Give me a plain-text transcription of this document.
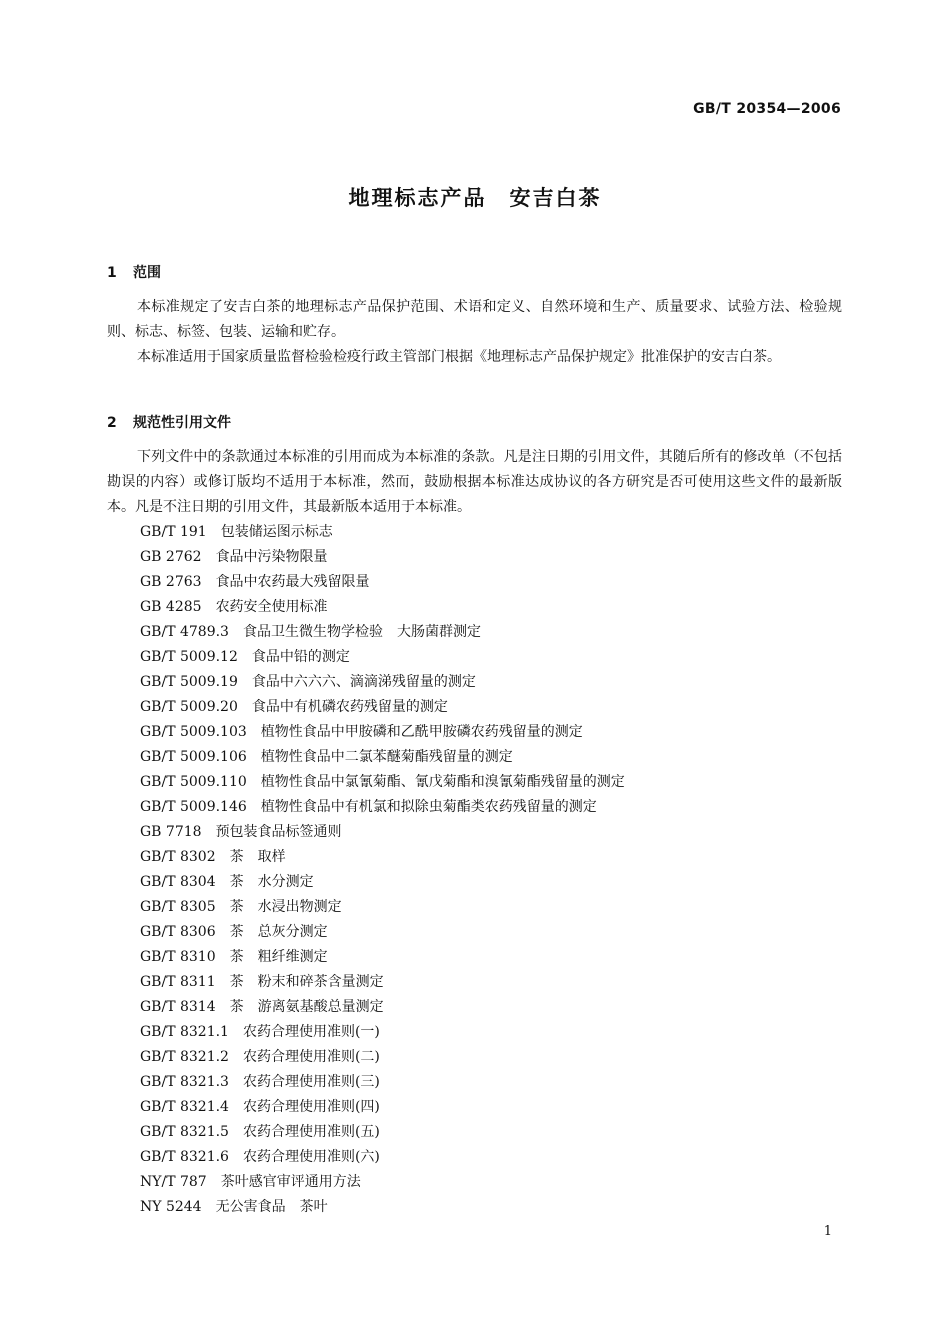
GB/T 20354—2006
地理标志产品　安吉白茶
1 范围

本标准规定了安吉白茶的地理标志产品保护范围、术语和定义、自然环境和生产、质量要求、试验方法、检验规则、标志、标签、包装、运输和贮存。

本标准适用于国家质量监督检验检疫行政主管部门根据《地理标志产品保护规定》批准保护的安吉白茶。

2 规范性引用文件

下列文件中的条款通过本标准的引用而成为本标准的条款。凡是注日期的引用文件，其随后所有的修改单（不包括勘误的内容）或修订版均不适用于本标准，然而，鼓励根据本标准达成协议的各方研究是否可使用这些文件的最新版本。凡是不注日期的引用文件，其最新版本适用于本标准。

GB/T 191 包装储运图示标志
GB 2762 食品中污染物限量
GB 2763 食品中农药最大残留限量
GB 4285 农药安全使用标准
GB/T 4789.3 食品卫生微生物学检验　大肠菌群测定
GB/T 5009.12 食品中铅的测定
GB/T 5009.19 食品中六六六、滴滴涕残留量的测定
GB/T 5009.20 食品中有机磷农药残留量的测定
GB/T 5009.103 植物性食品中甲胺磷和乙酰甲胺磷农药残留量的测定
GB/T 5009.106 植物性食品中二氯苯醚菊酯残留量的测定
GB/T 5009.110 植物性食品中氯氰菊酯、氰戊菊酯和溴氰菊酯残留量的测定
GB/T 5009.146 植物性食品中有机氯和拟除虫菊酯类农药残留量的测定
GB 7718 预包装食品标签通则
GB/T 8302 茶　取样
GB/T 8304 茶　水分测定
GB/T 8305 茶　水浸出物测定
GB/T 8306 茶　总灰分测定
GB/T 8310 茶　粗纤维测定
GB/T 8311 茶　粉末和碎茶含量测定
GB/T 8314 茶　游离氨基酸总量测定
GB/T 8321.1 农药合理使用准则(一)
GB/T 8321.2 农药合理使用准则(二)
GB/T 8321.3 农药合理使用准则(三)
GB/T 8321.4 农药合理使用准则(四)
GB/T 8321.5 农药合理使用准则(五)
GB/T 8321.6 农药合理使用准则(六)
NY/T 787 茶叶感官审评通用方法
NY 5244 无公害食品　茶叶
1
